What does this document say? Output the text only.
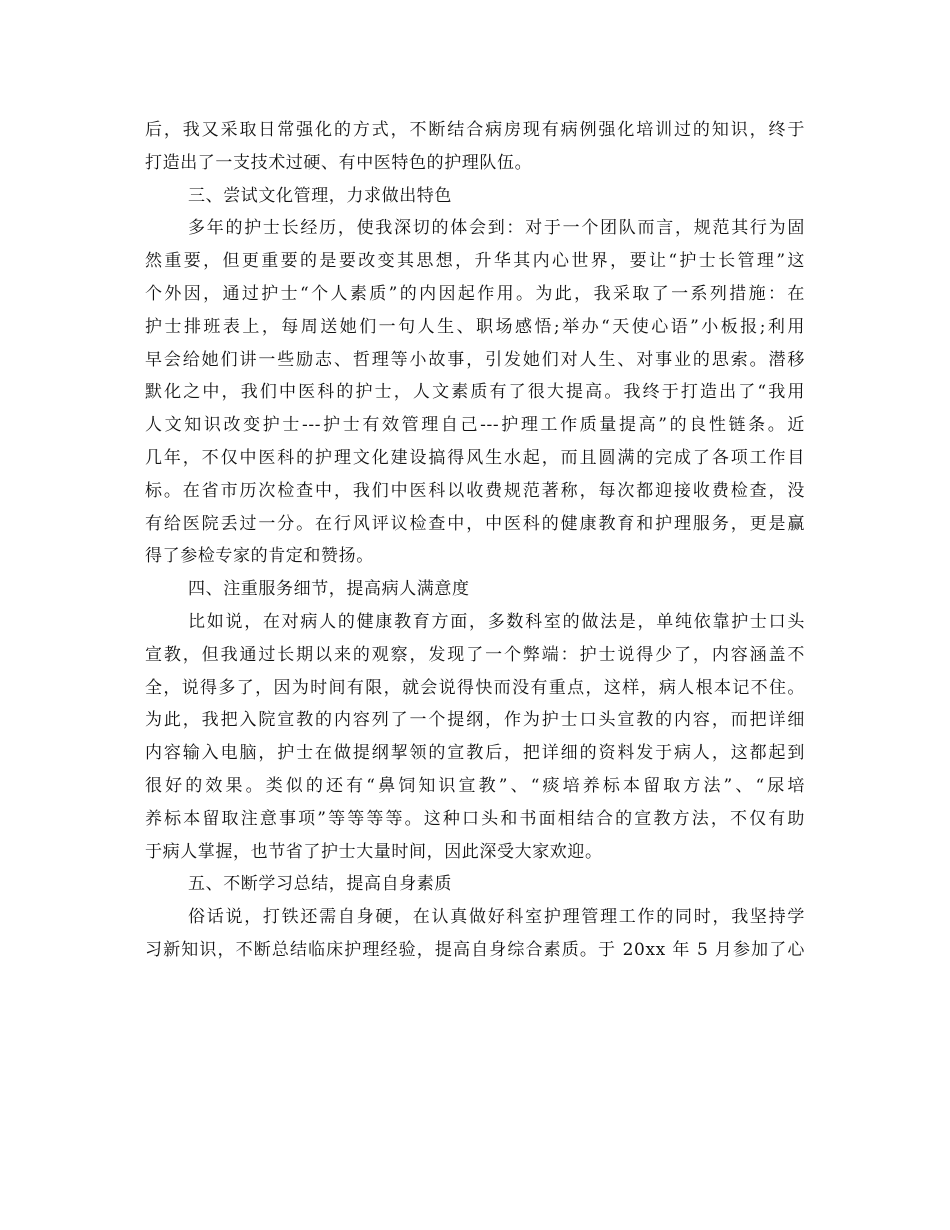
后，我又采取日常强化的方式，不断结合病房现有病例强化培训过的知识，终于
打造出了一支技术过硬、有中医特色的护理队伍。
三、尝试文化管理，力求做出特色
多年的护士长经历，使我深切的体会到：对于一个团队而言，规范其行为固
然重要，但更重要的是要改变其思想，升华其内心世界，要让“护士长管理”这
个外因，通过护士“个人素质”的内因起作用。为此，我采取了一系列措施：在
护士排班表上，每周送她们一句人生、职场感悟;举办“天使心语”小板报;利用
早会给她们讲一些励志、哲理等小故事，引发她们对人生、对事业的思索。潜移
默化之中，我们中医科的护士，人文素质有了很大提高。我终于打造出了“我用
人文知识改变护士---护士有效管理自己---护理工作质量提高”的良性链条。近
几年，不仅中医科的护理文化建设搞得风生水起，而且圆满的完成了各项工作目
标。在省市历次检查中，我们中医科以收费规范著称，每次都迎接收费检查，没
有给医院丢过一分。在行风评议检查中，中医科的健康教育和护理服务，更是赢
得了参检专家的肯定和赞扬。
四、注重服务细节，提高病人满意度
比如说，在对病人的健康教育方面，多数科室的做法是，单纯依靠护士口头
宣教，但我通过长期以来的观察，发现了一个弊端：护士说得少了，内容涵盖不
全，说得多了，因为时间有限，就会说得快而没有重点，这样，病人根本记不住。
为此，我把入院宣教的内容列了一个提纲，作为护士口头宣教的内容，而把详细
内容输入电脑，护士在做提纲挈领的宣教后，把详细的资料发于病人，这都起到
很好的效果。类似的还有“鼻饲知识宣教”、“痰培养标本留取方法”、“尿培
养标本留取注意事项”等等等等。这种口头和书面相结合的宣教方法，不仅有助
于病人掌握，也节省了护士大量时间，因此深受大家欢迎。
五、不断学习总结，提高自身素质
俗话说，打铁还需自身硬，在认真做好科室护理管理工作的同时，我坚持学
习新知识，不断总结临床护理经验，提高自身综合素质。于 20xx 年 5 月参加了心
